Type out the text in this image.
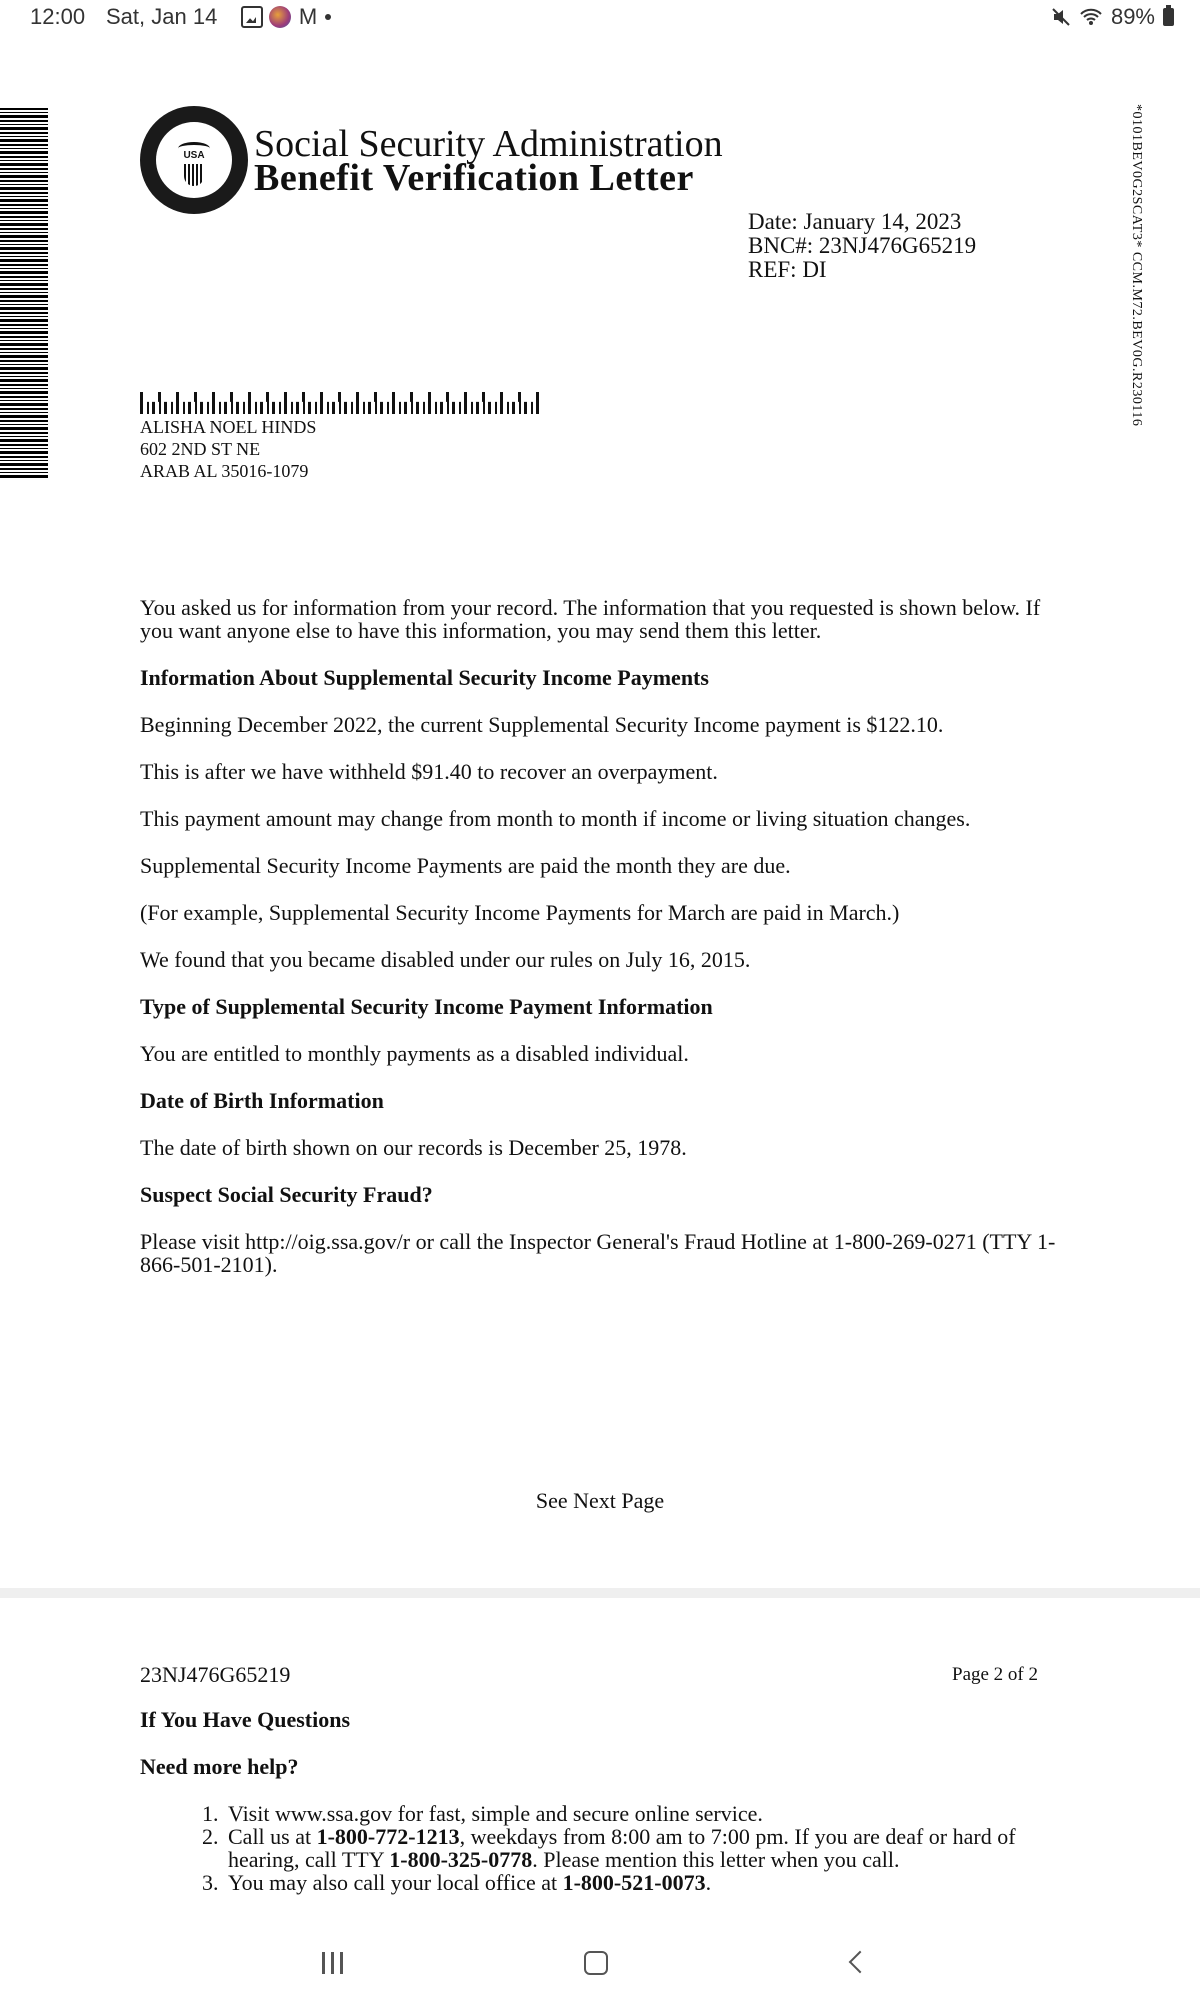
12:00 Sat, Jan 14	M	89%
USA Social Security Administration
Benefit Verification Letter
Date: January 14, 2023
BNC#: 23NJ476G65219
REF: DI	*0101BEV0G2SCAT3* CCM.M72.BEV0G.R230116
ALISHA NOEL HINDS
602 2ND ST NE
ARAB AL 35016-1079

You asked us for information from your record. The information that you requested is shown below. If you want anyone else to have this information, you may send them this letter.

Information About Supplemental Security Income Payments

Beginning December 2022, the current Supplemental Security Income payment is $122.10.

This is after we have withheld $91.40 to recover an overpayment.

This payment amount may change from month to month if income or living situation changes.

Supplemental Security Income Payments are paid the month they are due.

(For example, Supplemental Security Income Payments for March are paid in March.)

We found that you became disabled under our rules on July 16, 2015.

Type of Supplemental Security Income Payment Information

You are entitled to monthly payments as a disabled individual.

Date of Birth Information

The date of birth shown on our records is December 25, 1978.

Suspect Social Security Fraud?

Please visit http://oig.ssa.gov/r or call the Inspector General's Fraud Hotline at 1-800-269-0271 (TTY 1-866-501-2101).

See Next Page
23NJ476G65219	Page 2 of 2
If You Have Questions
Need more help?
1. Visit www.ssa.gov for fast, simple and secure online service.
2. Call us at 1-800-772-1213, weekdays from 8:00 am to 7:00 pm. If you are deaf or hard of hearing, call TTY 1-800-325-0778. Please mention this letter when you call.
3. You may also call your local office at 1-800-521-0073.
